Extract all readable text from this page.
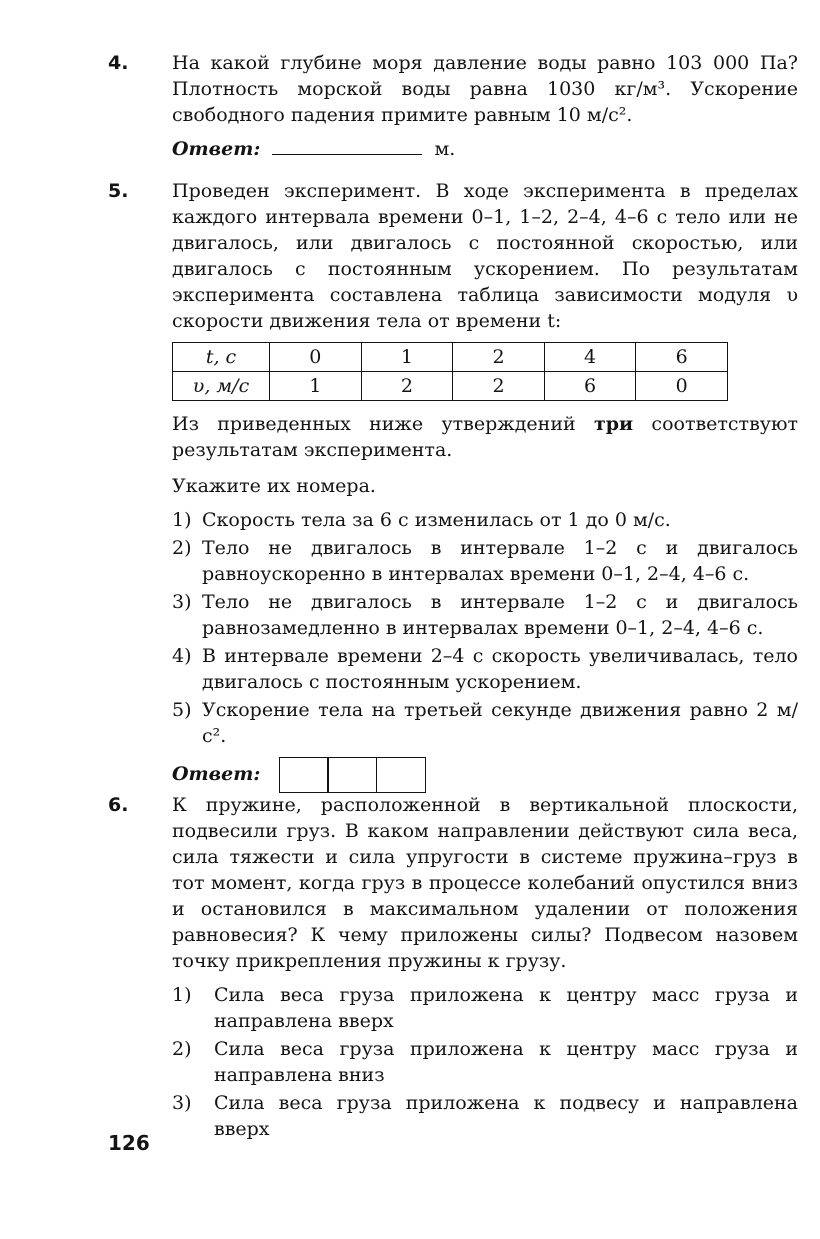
4. На какой глубине моря давление воды равно 103 000 Па? Плотность морской воды равна 1030 кг/м³. Ускорение свободного падения примите равным 10 м/с².

Ответ:	м.
5. Проведен эксперимент. В ходе эксперимента в пределах каждого интервала времени 0–1, 1–2, 2–4, 4–6 с тело или не двигалось, или двигалось с постоянной скоростью, или двигалось с постоянным ускорением. По результатам эксперимента составлена таблица зависимости модуля υ скорости движения тела от времени t:

t, с	0	1	2	4	6
υ, м/с	1	2	2	6	0

Из приведенных ниже утверждений три соответствуют результатам эксперимента.

Укажите их номера.

1) Скорость тела за 6 с изменилась от 1 до 0 м/с.
2) Тело не двигалось в интервале 1–2 с и двигалось равноускоренно в интервалах времени 0–1, 2–4, 4–6 с.
3) Тело не двигалось в интервале 1–2 с и двигалось равнозамедленно в интервалах времени 0–1, 2–4, 4–6 с.
4) В интервале времени 2–4 с скорость увеличивалась, тело двигалось с постоянным ускорением.
5) Ускорение тела на третьей секунде движения равно 2 м/с².
Ответ:
6. К пружине, расположенной в вертикальной плоскости, подвесили груз. В каком направлении действуют сила веса, сила тяжести и сила упругости в системе пружина–груз в тот момент, когда груз в процессе колебаний опустился вниз и остановился в максимальном удалении от положения равновесия? К чему приложены силы? Подвесом назовем точку прикрепления пружины к грузу.

1)	Сила веса груза приложена к центру масс груза и направлена вверх
2)	Сила веса груза приложена к центру масс груза и направлена вниз
3)	Сила веса груза приложена к подвесу и направлена вверх
126
